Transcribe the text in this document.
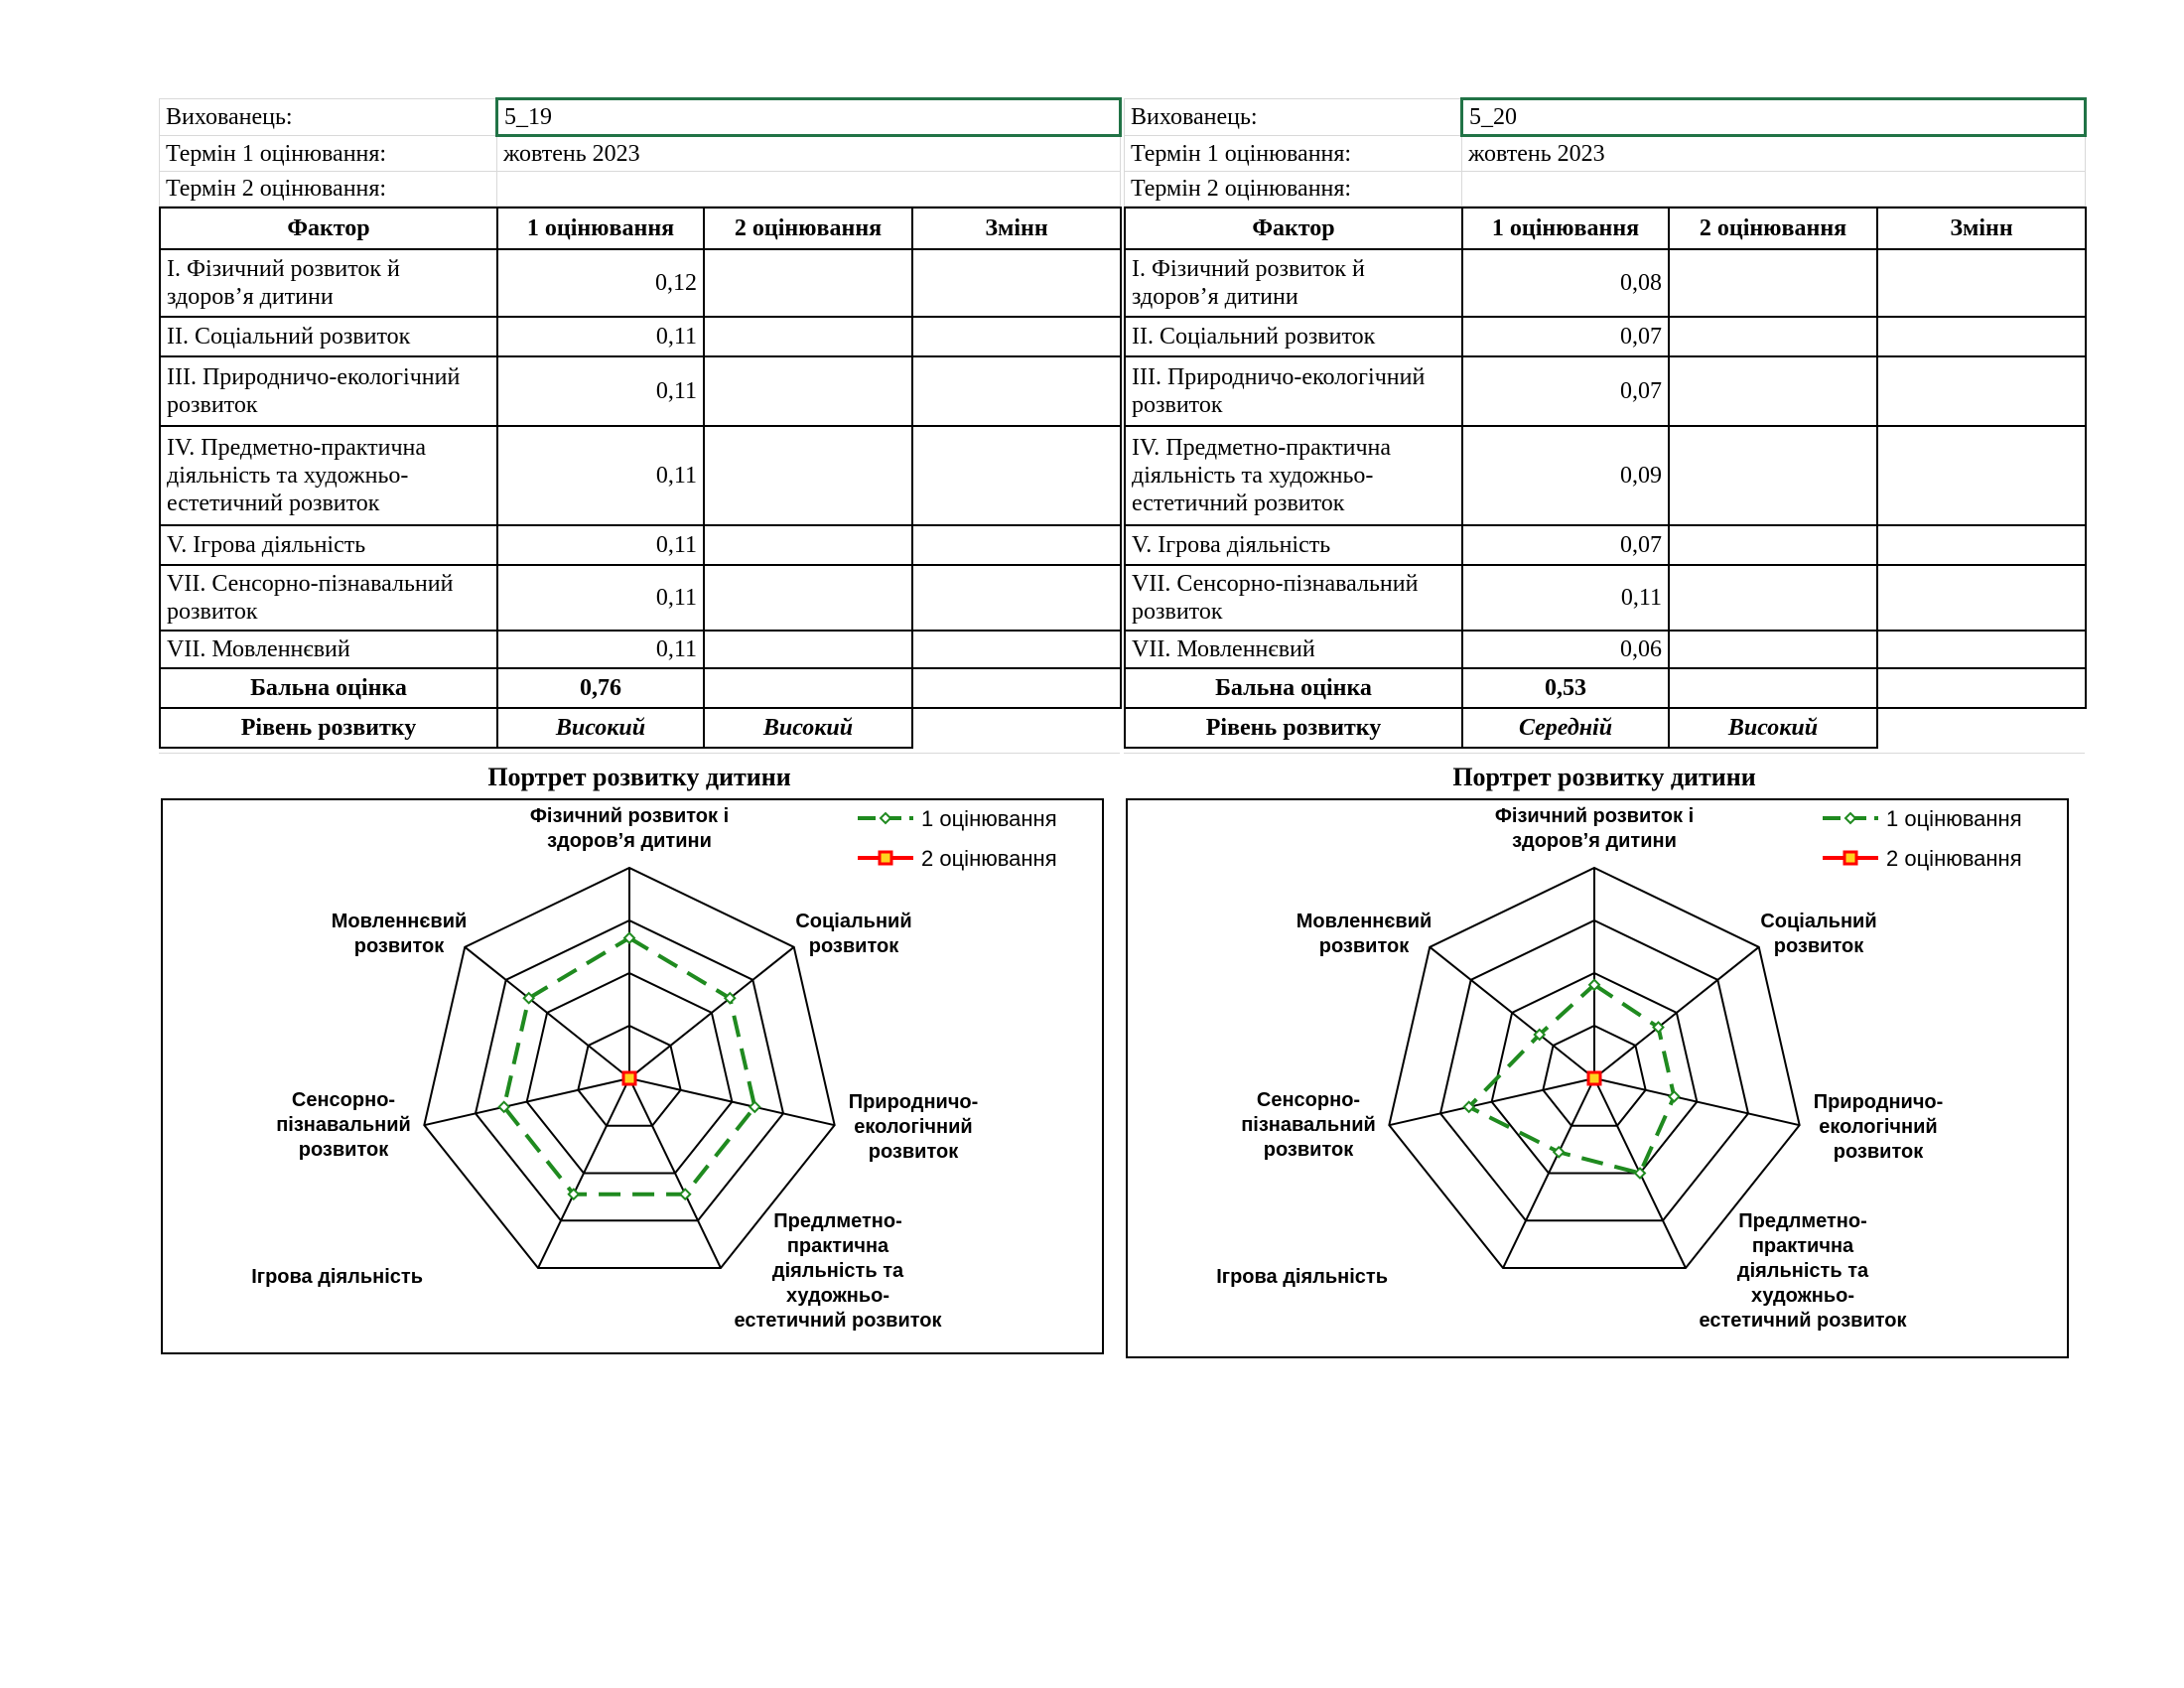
Вихованець:	5_19
Термін 1 оцінювання:	жовтень 2023
Термін 2 оцінювання:	
Фактор	1 оцінювання	2 оцінювання	Змінн
І. Фізичний розвиток й здоров’я дитини	0,12		
ІІ. Соціальний розвиток	0,11		
ІІІ. Природничо-екологічний розвиток	0,11		
IV. Предметно-практична діяльність та художньо-естетичний розвиток	0,11		
V. Ігрова діяльність	0,11		
VII. Сенсорно-пізнавальний розвиток	0,11		
VII. Мовленнєвий	0,11		
Бальна оцінка	0,76		
Рівень розвитку	Високий	Високий	
Портрет розвитку дитини
Фізичний розвиток і здоров’я дитини
Соціальний розвиток
Природничо-екологічний розвиток
Предлметно-практична діяльність та художньо-естетичний розвиток
Ігрова діяльність
Сенсорно-пізнавальний розвиток
Мовленнєвий розвиток
1 оцінювання
2 оцінювання
Вихованець:	5_20
Термін 1 оцінювання:	жовтень 2023
Термін 2 оцінювання:	
Фактор	1 оцінювання	2 оцінювання	Змінн
І. Фізичний розвиток й здоров’я дитини	0,08		
ІІ. Соціальний розвиток	0,07		
ІІІ. Природничо-екологічний розвиток	0,07		
IV. Предметно-практична діяльність та художньо-естетичний розвиток	0,09		
V. Ігрова діяльність	0,07		
VII. Сенсорно-пізнавальний розвиток	0,11		
VII. Мовленнєвий	0,06		
Бальна оцінка	0,53		
Рівень розвитку	Середній	Високий	
Портрет розвитку дитини
Фізичний розвиток і здоров’я дитини
Соціальний розвиток
Природничо-екологічний розвиток
Предлметно-практична діяльність та художньо-естетичний розвиток
Ігрова діяльність
Сенсорно-пізнавальний розвиток
Мовленнєвий розвиток
1 оцінювання
2 оцінювання
